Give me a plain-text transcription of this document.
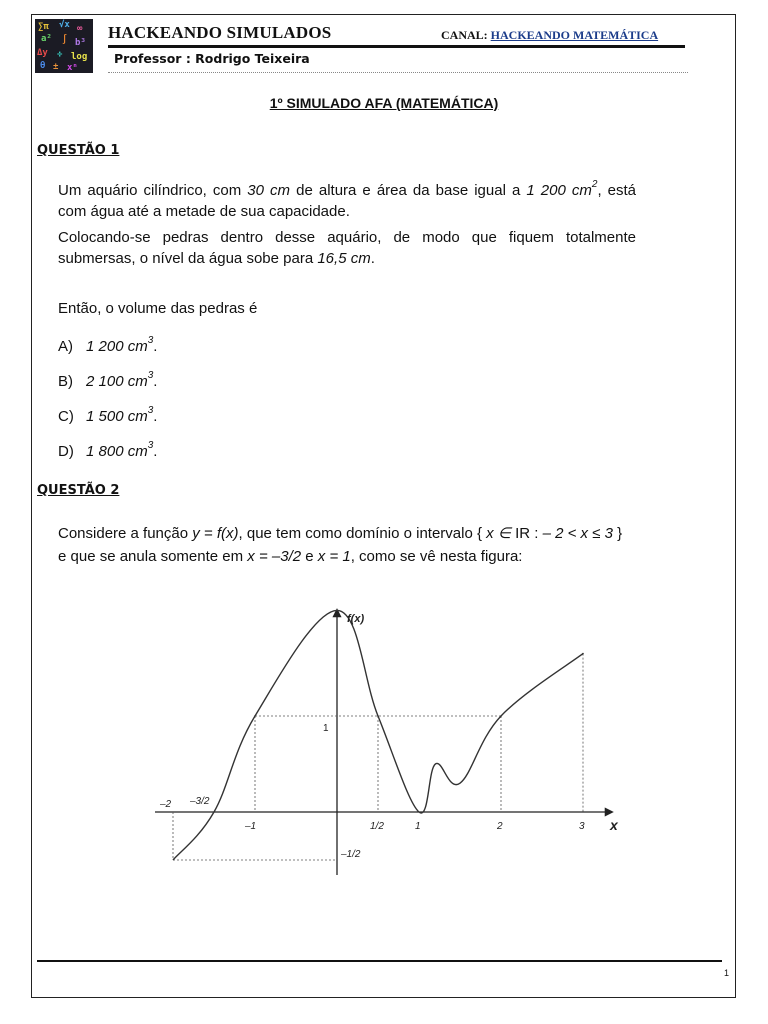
∑π √x ∞
a² ∫ b³
Δy ÷ log
θ ± xⁿ
HACKEANDO SIMULADOS	CANAL: HACKEANDO MATEMÁTICA
Professor : Rodrigo Teixeira
1º SIMULADO AFA (MATEMÁTICA)
QUESTÃO 1
Um aquário cilíndrico, com 30 cm de altura e área da base igual a 1 200 $cm^2$, está com água até a metade de sua capacidade.
Colocando-se pedras dentro desse aquário, de modo que fiquem totalmente submersas, o nível da água sobe para 16,5 cm.
Então, o volume das pedras é
A) 1 200 $cm^3$.
B) 2 100 $cm^3$.
C) 1 500 $cm^3$.
D) 1 800 $cm^3$.
QUESTÃO 2
Considere a função y = f(x), que tem como domínio o intervalo { x ∈ IR : – 2 < x ≤ 3 }
e que se anula somente em x = –3/2 e x = 1, como se vê nesta figura:
f(x)
x
1
–1/2
–2 –3/2
–1	1/2	1	2	3
1
